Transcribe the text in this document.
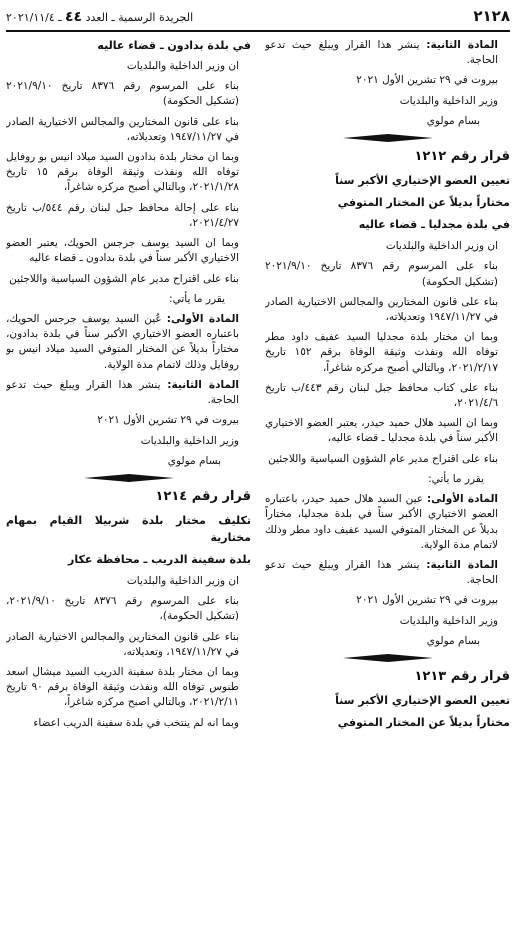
٢١٢٨
الجريدة الرسمية ـ العدد ٤٤ ـ ٢٠٢١/١١/٤

المادة الثانية: ينشر هذا القرار ويبلغ حيث تدعو الحاجة.

بيروت في ٢٩ تشرين الأول ٢٠٢١

وزير الداخلية والبلديات

بسام مولوي

قرار رقم ١٢١٢

تعيين العضو الإختياري الأكبر سناً

مختاراً بديلاً عن المختار المتوفي

في بلدة مجدليا ـ قضاء عاليه

ان وزير الداخلية والبلديات

بناء على المرسوم رقم ٨٣٧٦ تاريخ ٢٠٢١/٩/١٠ (تشكيل الحكومة)

بناء على قانون المختارين والمجالس الاختيارية الصادر في ١٩٤٧/١١/٢٧ وتعديلاته،

وبما ان مختار بلدة مجدليا السيد عفيف داود مطر توفاه الله ونفذت وثيقة الوفاة برقم ١٥٢ تاريخ ٢٠٢١/٢/١٧، وبالتالي أصبح مركزه شاغراً،

بناء على كتاب محافظ جبل لبنان رقم ٤٤٣/ب تاريخ ٢٠٢١/٤/٦،

وبما ان السيد هلال حميد حيدر، يعتبر العضو الاختياري الأكبر سناً في بلدة مجدليا ـ قضاء عاليه،

بناء على اقتراح مدير عام الشؤون السياسية واللاجئين

يقرر ما يأتي:

المادة الأولى: عين السيد هلال حميد حيدر، باعتباره العضو الاختياري الأكبر سناً في بلدة مجدليا، مختاراً بديلاً عن المختار المتوفي السيد عفيف داود مطر وذلك لاتمام مدة الولاية.

المادة الثانية: ينشر هذا القرار ويبلغ حيث تدعو الحاجة.

بيروت في ٢٩ تشرين الأول ٢٠٢١

وزير الداخلية والبلديات

بسام مولوي

قرار رقم ١٢١٣

تعيين العضو الإختياري الأكبر سناً

مختاراً بديلاً عن المختار المتوفي

في بلدة بدادون ـ قضاء عاليه

ان وزير الداخلية والبلديات

بناء على المرسوم رقم ٨٣٧٦ تاريخ ٢٠٢١/٩/١٠ (تشكيل الحكومة)

بناء على قانون المختارين والمجالس الاختيارية الصادر في ١٩٤٧/١١/٢٧ وتعديلاته،

وبما ان مختار بلدة بدادون السيد ميلاد انيس بو روفايل توفاه الله ونفذت وثيقة الوفاة برقم ١٥ تاريخ ٢٠٢١/١/٢٨، وبالتالي أصبح مركزه شاغراً،

بناء على إحالة محافظ جبل لبنان رقم ٥٤٤/ب تاريخ ٢٠٢١/٤/٢٧،

وبما ان السيد يوسف جرجس الحويك، يعتبر العضو الاختياري الأكبر سناً في بلدة بدادون ـ قضاء عاليه

بناء على اقتراح مدير عام الشؤون السياسية واللاجئين

يقرر ما يأتي:

المادة الأولى: عُين السيد يوسف جرجس الحويك، باعتباره العضو الاختياري الأكبر سناً في بلدة بدادون، مختاراً بديلاً عن المختار المتوفي السيد ميلاد انيس بو روفايل وذلك لاتمام مدة الولاية.

المادة الثانية: ينشر هذا القرار ويبلغ حيث تدعو الحاجة.

بيروت في ٢٩ تشرين الأول ٢٠٢١

وزير الداخلية والبلديات

بسام مولوي

قرار رقم ١٢١٤

تكليف مختار بلدة شربيلا القيام بمهام مختارية

بلدة سفينة الدريب ـ محافظة عكار

ان وزير الداخلية والبلديات

بناء على المرسوم رقم ٨٣٧٦ تاريخ ٢٠٢١/٩/١٠، (تشكيل الحكومة)،

بناء على قانون المختارين والمجالس الاختيارية الصادر في ١٩٤٧/١١/٢٧، وتعديلاته،

وبما ان مختار بلدة سفينة الدريب السيد ميشال اسعد طنوس توفاه الله ونفذت وثيقة الوفاة برقم ٩٠ تاريخ ٢٠٢١/٢/١١، وبالتالي اصبح مركزه شاغراً،

وبما انه لم ينتخب في بلدة سفينة الدريب اعضاء
